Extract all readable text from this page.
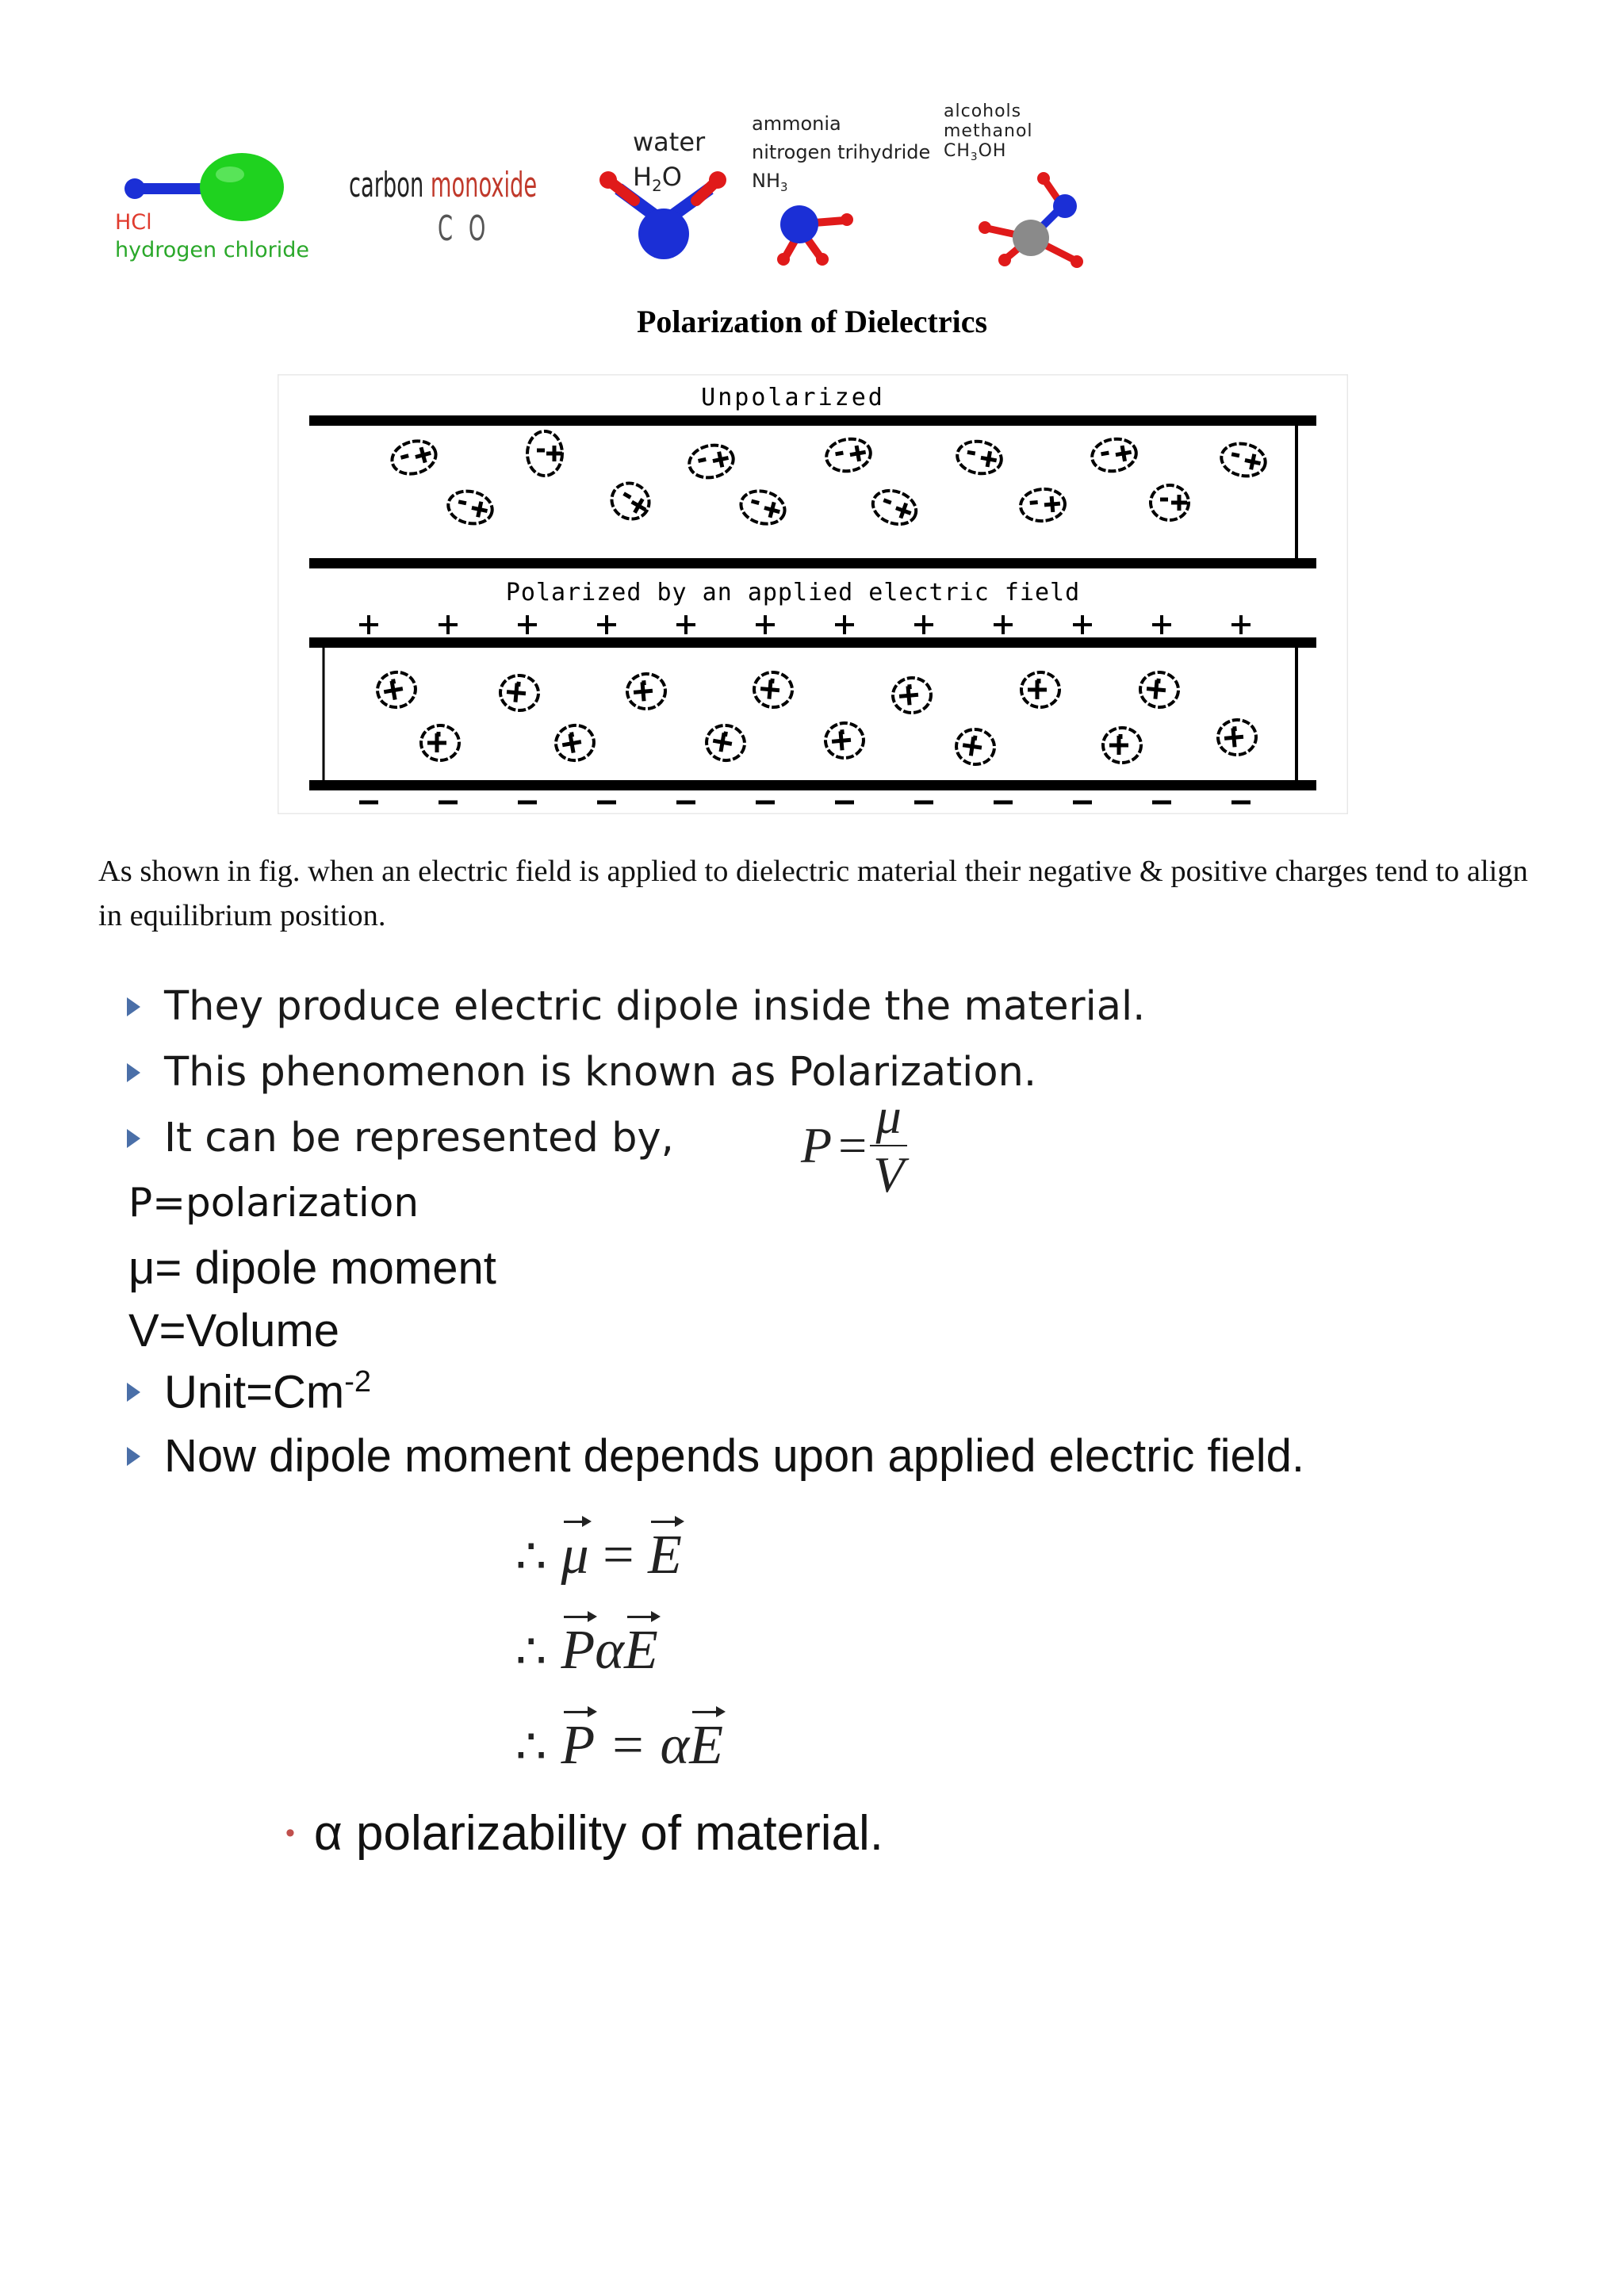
HCl
hydrogen chloride
carbon monoxide
C O
water
$H_2O$
ammonia
nitrogen trihydride
$NH_3$
alcohols
methanol
$CH_3OH$
Polarization of Dielectrics
Unpolarized
Polarized by an applied electric field
As shown in fig. when an electric field is applied to dielectric material their negative & positive charges tend to align in equilibrium position.
They produce electric dipole inside the material.
This phenomenon is known as Polarization.
It can be represented by,	$P = \frac{\mu}{V}$
P=polarization
μ= dipole moment
V=Volume
$Unit=Cm^{-2}$
Now dipole moment depends upon applied electric field.
∴ μ = E
∴ PαE
∴ P = αE
• α polarizability of material.
